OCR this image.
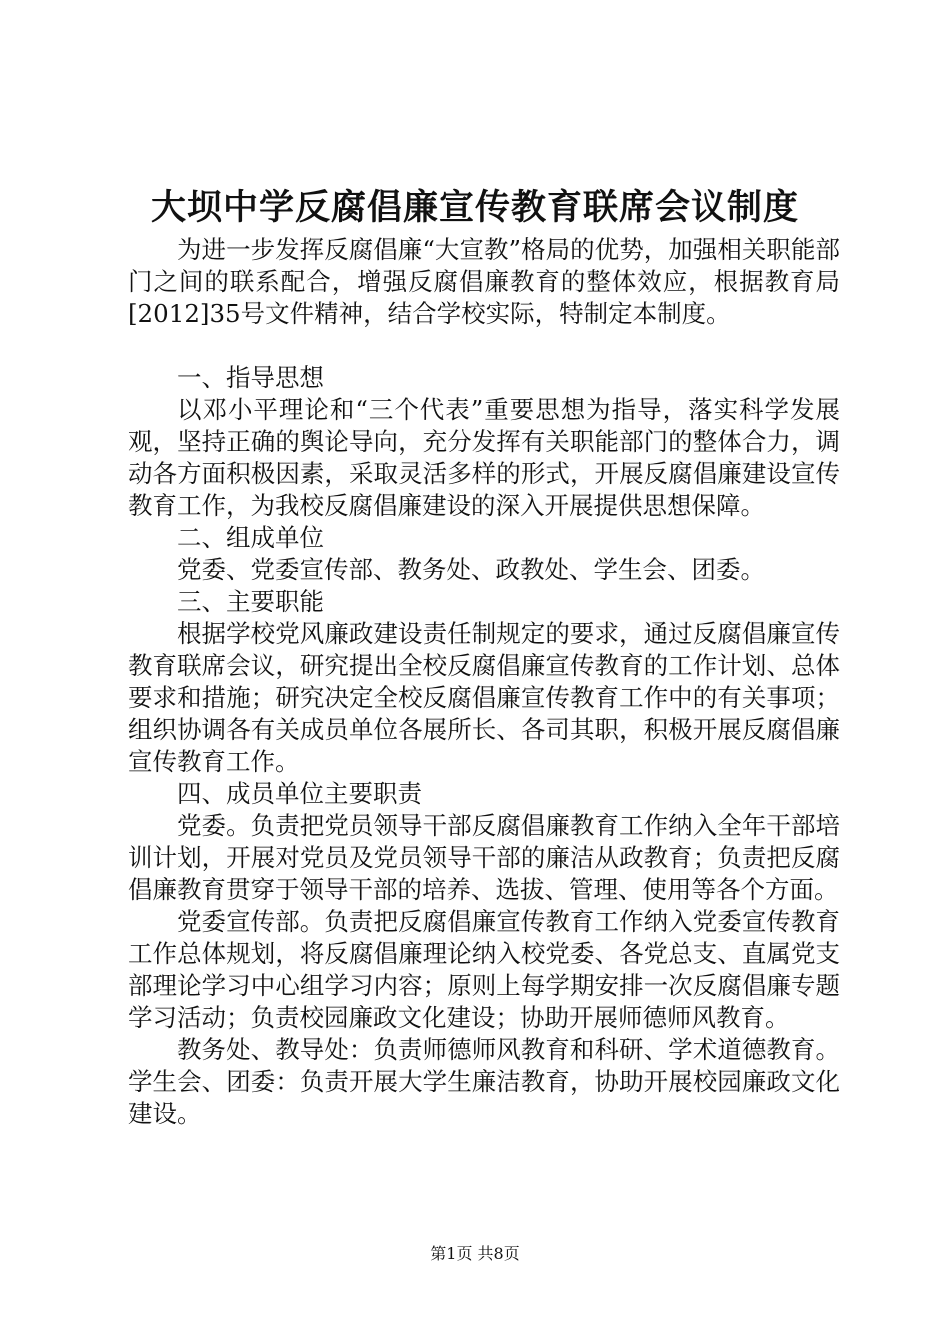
大坝中学反腐倡廉宣传教育联席会议制度

为进一步发挥反腐倡廉“大宣教”格局的优势，加强相关职能部门之间的联系配合，增强反腐倡廉教育的整体效应，根据教育局[2012]35号文件精神，结合学校实际，特制定本制度。

一、指导思想

以邓小平理论和“三个代表”重要思想为指导，落实科学发展观，坚持正确的舆论导向，充分发挥有关职能部门的整体合力，调动各方面积极因素，采取灵活多样的形式，开展反腐倡廉建设宣传教育工作，为我校反腐倡廉建设的深入开展提供思想保障。

二、组成单位

党委、党委宣传部、教务处、政教处、学生会、团委。

三、主要职能

根据学校党风廉政建设责任制规定的要求，通过反腐倡廉宣传教育联席会议，研究提出全校反腐倡廉宣传教育的工作计划、总体要求和措施；研究决定全校反腐倡廉宣传教育工作中的有关事项；组织协调各有关成员单位各展所长、各司其职，积极开展反腐倡廉宣传教育工作。

四、成员单位主要职责

党委。负责把党员领导干部反腐倡廉教育工作纳入全年干部培训计划，开展对党员及党员领导干部的廉洁从政教育；负责把反腐倡廉教育贯穿于领导干部的培养、选拔、管理、使用等各个方面。

党委宣传部。负责把反腐倡廉宣传教育工作纳入党委宣传教育工作总体规划，将反腐倡廉理论纳入校党委、各党总支、直属党支部理论学习中心组学习内容；原则上每学期安排一次反腐倡廉专题学习活动；负责校园廉政文化建设；协助开展师德师风教育。

教务处、教导处：负责师德师风教育和科研、学术道德教育。学生会、团委：负责开展大学生廉洁教育，协助开展校园廉政文化建设。

第1页 共8页
